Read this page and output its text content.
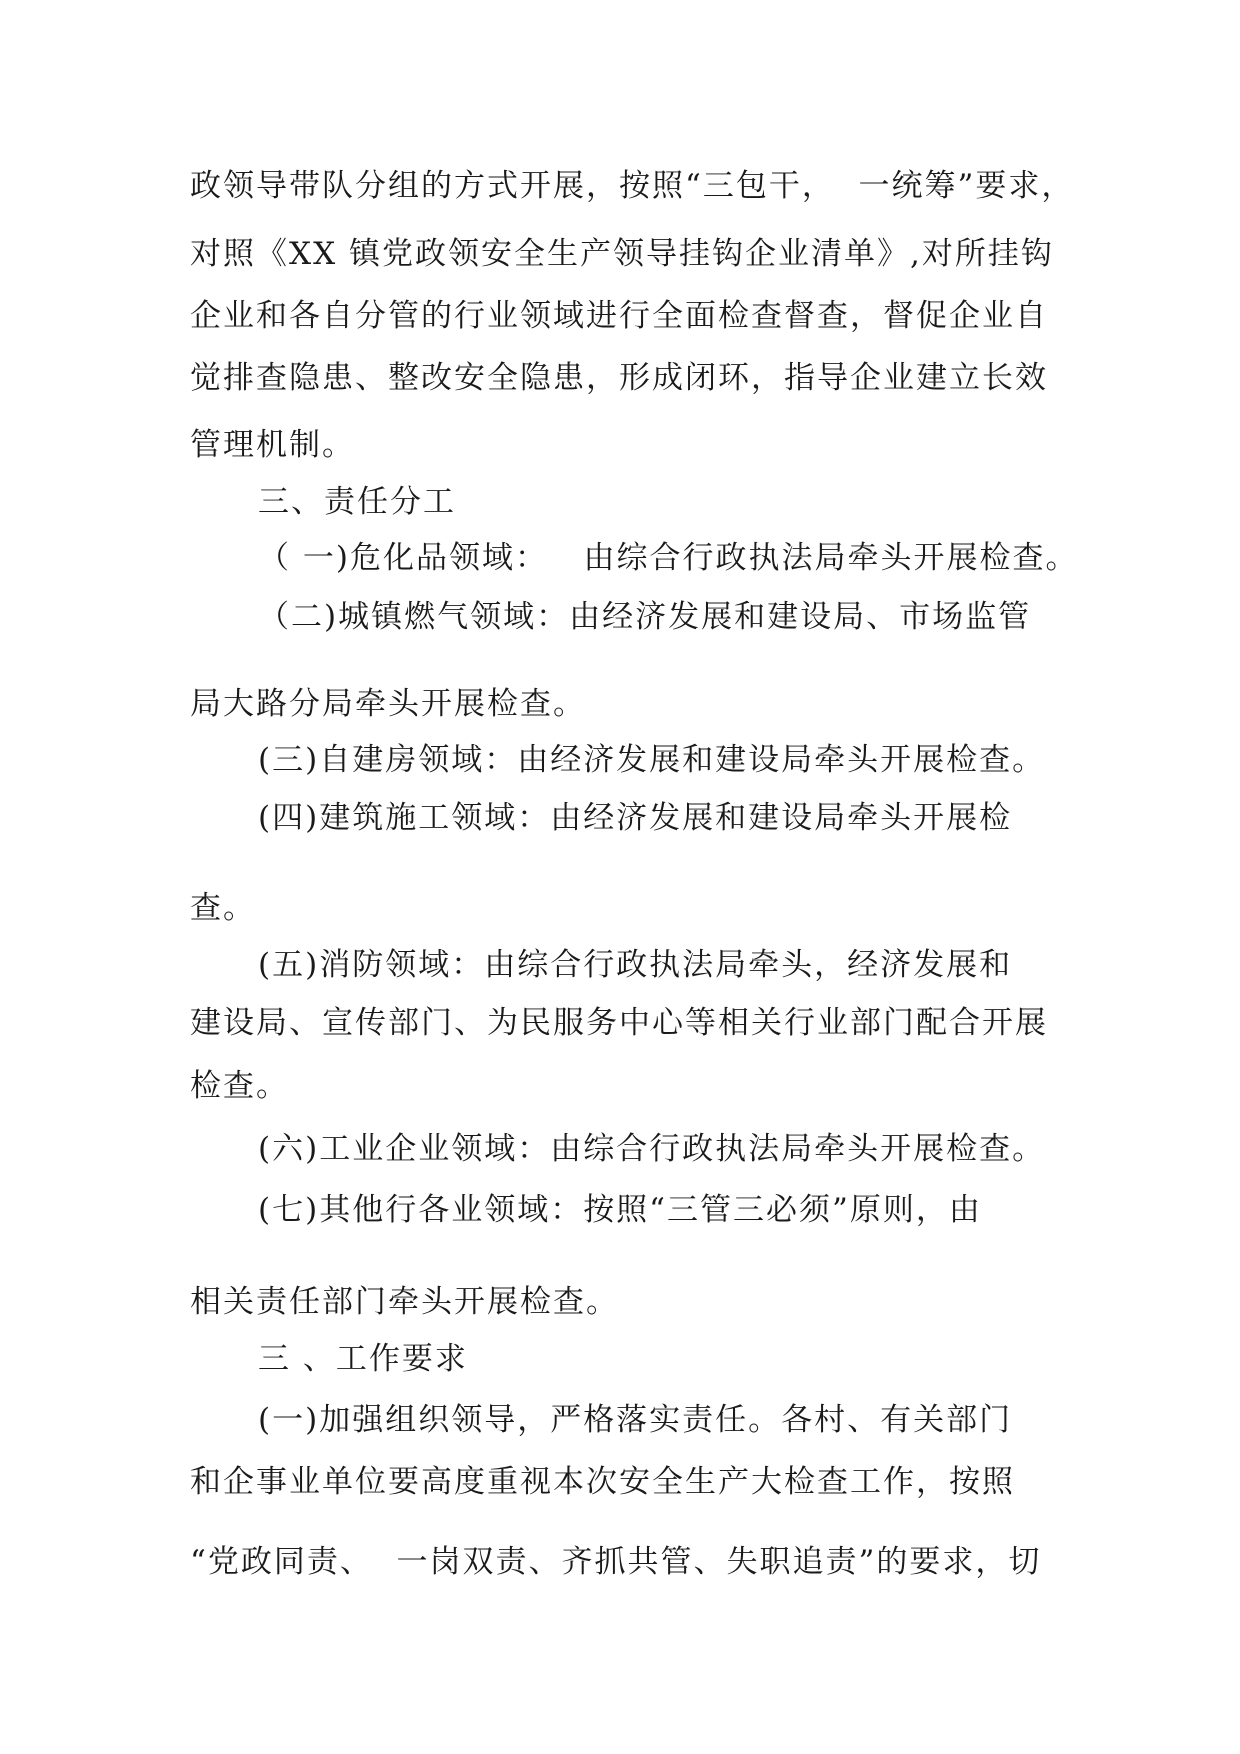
政领导带队分组的方式开展，按照“三包干，  一统筹”要求，
对照《XX 镇党政领安全生产领导挂钩企业清单》,对所挂钩
企业和各自分管的行业领域进行全面检查督查，督促企业自
觉排查隐患、整改安全隐患，形成闭环，指导企业建立长效
管理机制。
三、责任分工
（ 一)危化品领域：   由综合行政执法局牵头开展检查。
（二)城镇燃气领域：由经济发展和建设局、市场监管
局大路分局牵头开展检查。
(三)自建房领域：由经济发展和建设局牵头开展检查。
(四)建筑施工领域：由经济发展和建设局牵头开展检
查。
(五)消防领域：由综合行政执法局牵头，经济发展和
建设局、宣传部门、为民服务中心等相关行业部门配合开展
检查。
(六)工业企业领域：由综合行政执法局牵头开展检查。
(七)其他行各业领域：按照“三管三必须”原则，由
相关责任部门牵头开展检查。
三 、工作要求
(一)加强组织领导，严格落实责任。各村、有关部门
和企事业单位要高度重视本次安全生产大检查工作，按照
“党政同责、  一岗双责、齐抓共管、失职追责”的要求，切
